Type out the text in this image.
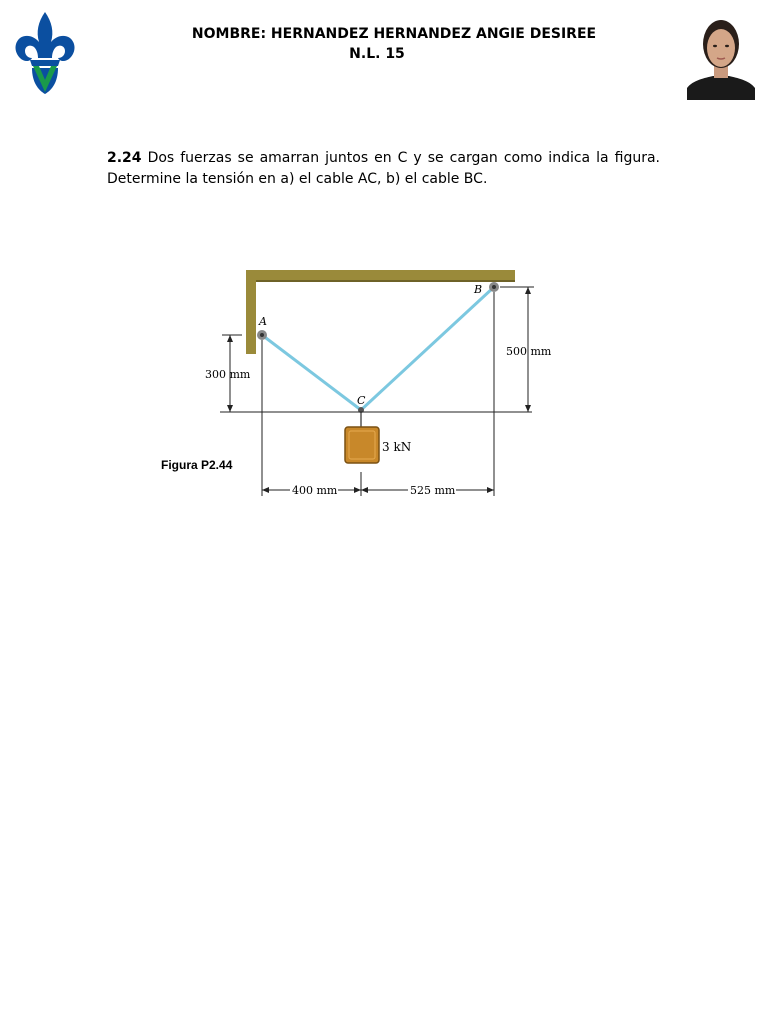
NOMBRE: HERNANDEZ HERNANDEZ ANGIE DESIREE
N.L. 15
2.24 Dos fuerzas se amarran juntos en C y se cargan como indica la figura. Determine la tensión en a) el cable AC, b) el cable BC.
A
B
C
300 mm
500 mm
400 mm	525 mm
3 kN
Figura P2.44
